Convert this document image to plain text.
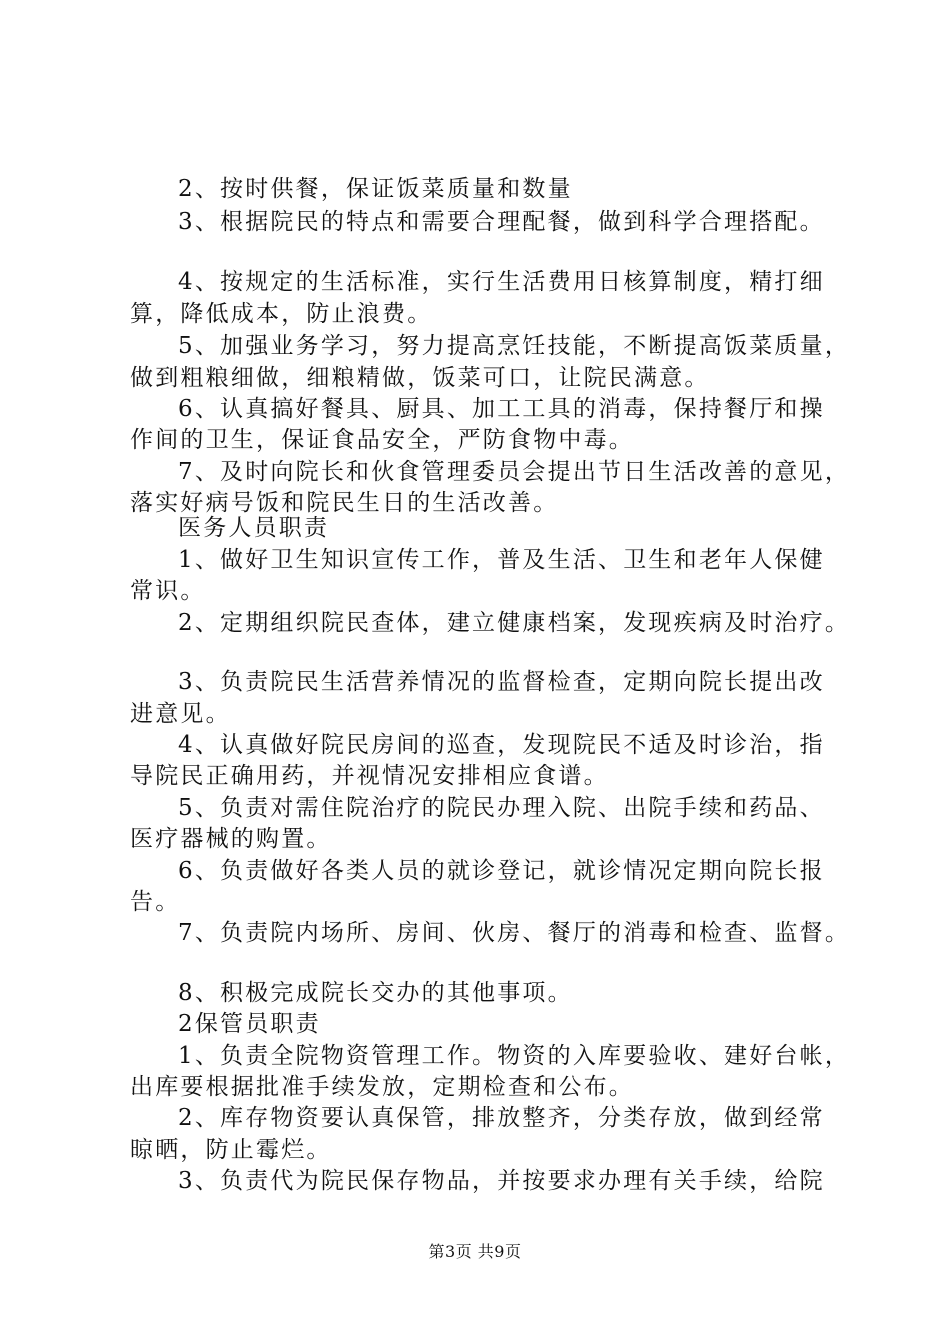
2、按时供餐，保证饭菜质量和数量
3、根据院民的特点和需要合理配餐，做到科学合理搭配。
4、按规定的生活标准，实行生活费用日核算制度，精打细
算，降低成本，防止浪费。
5、加强业务学习，努力提高烹饪技能，不断提高饭菜质量，
做到粗粮细做，细粮精做，饭菜可口，让院民满意。
6、认真搞好餐具、厨具、加工工具的消毒，保持餐厅和操
作间的卫生，保证食品安全，严防食物中毒。
7、及时向院长和伙食管理委员会提出节日生活改善的意见，
落实好病号饭和院民生日的生活改善。
医务人员职责
1、做好卫生知识宣传工作，普及生活、卫生和老年人保健
常识。
2、定期组织院民查体，建立健康档案，发现疾病及时治疗。
3、负责院民生活营养情况的监督检查，定期向院长提出改
进意见。
4、认真做好院民房间的巡查，发现院民不适及时诊治，指
导院民正确用药，并视情况安排相应食谱。
5、负责对需住院治疗的院民办理入院、出院手续和药品、
医疗器械的购置。
6、负责做好各类人员的就诊登记，就诊情况定期向院长报
告。
7、负责院内场所、房间、伙房、餐厅的消毒和检查、监督。
8、积极完成院长交办的其他事项。
2保管员职责
1、负责全院物资管理工作。物资的入库要验收、建好台帐，
出库要根据批准手续发放，定期检查和公布。
2、库存物资要认真保管，排放整齐，分类存放，做到经常
晾晒，防止霉烂。
3、负责代为院民保存物品，并按要求办理有关手续，给院
第3页 共9页
